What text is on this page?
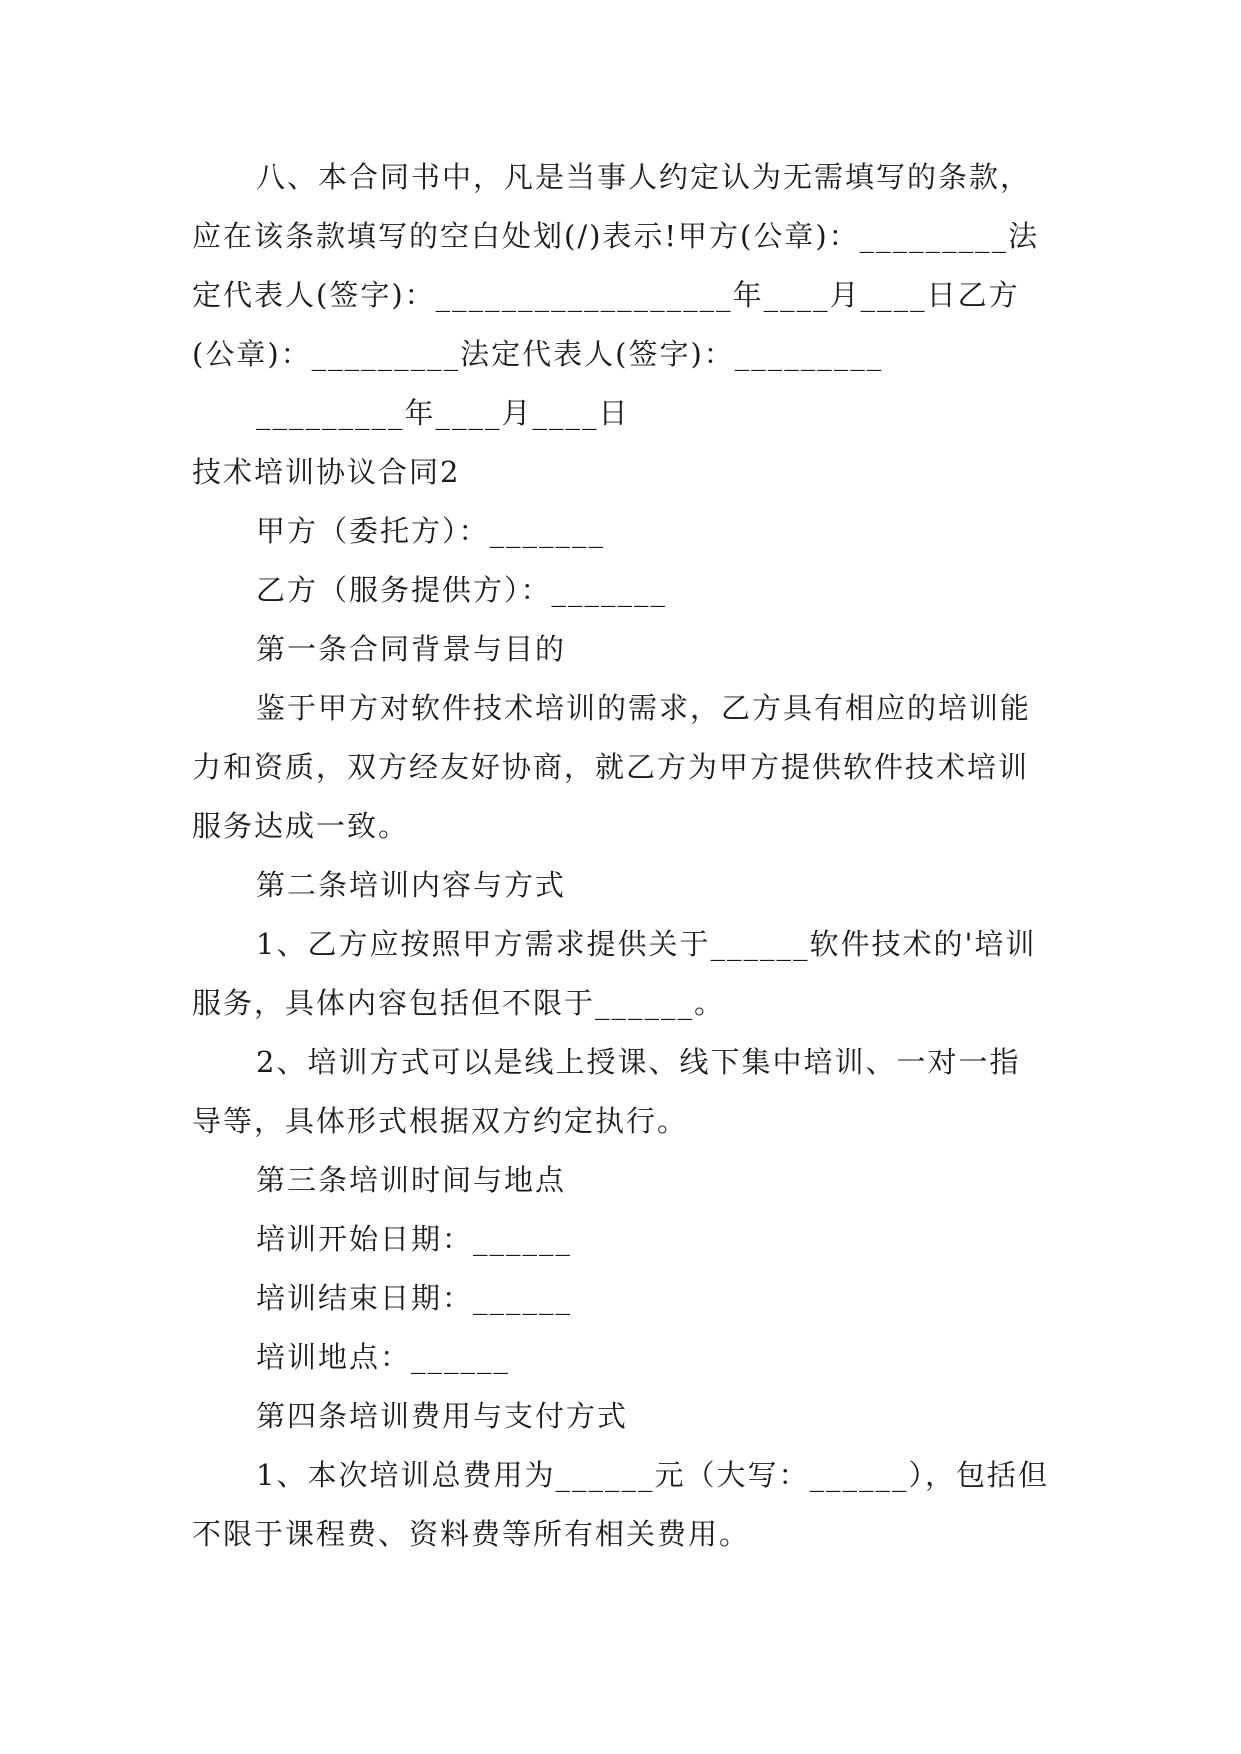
八、本合同书中，凡是当事人约定认为无需填写的条款，应在该条款填写的空白处划(/)表示!甲方(公章)：_________法定代表人(签字)：__________________年____月____日乙方(公章)：_________法定代表人(签字)：_________

_________年____月____日

技术培训协议合同2

甲方（委托方）：_______

乙方（服务提供方）：_______

第一条合同背景与目的

鉴于甲方对软件技术培训的需求，乙方具有相应的培训能力和资质，双方经友好协商，就乙方为甲方提供软件技术培训服务达成一致。

第二条培训内容与方式

1、乙方应按照甲方需求提供关于______软件技术的'培训服务，具体内容包括但不限于______。

2、培训方式可以是线上授课、线下集中培训、一对一指导等，具体形式根据双方约定执行。

第三条培训时间与地点

培训开始日期：______

培训结束日期：______

培训地点：______

第四条培训费用与支付方式

1、本次培训总费用为______元（大写：______），包括但不限于课程费、资料费等所有相关费用。
